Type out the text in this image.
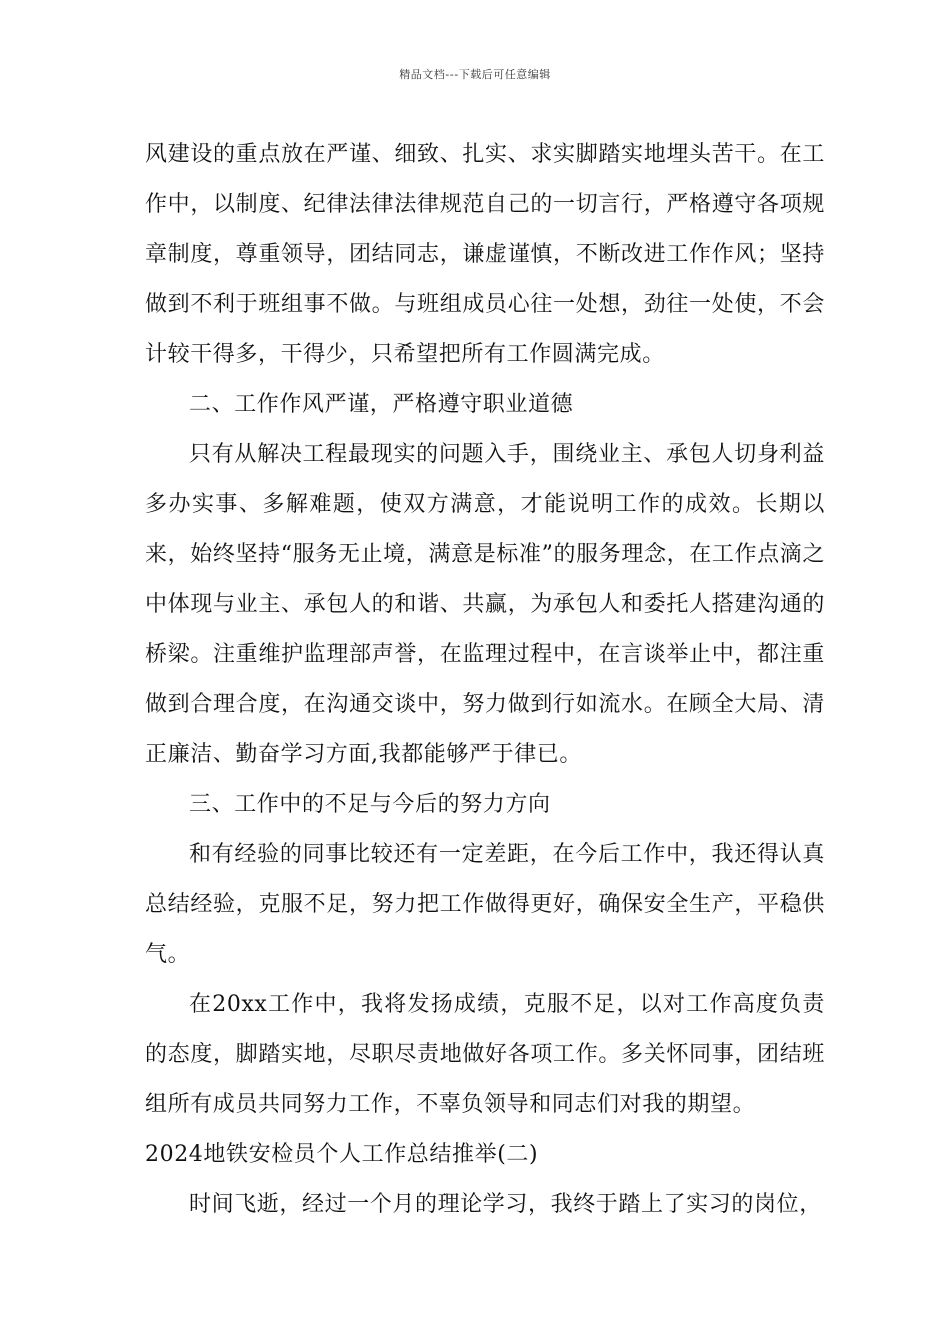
精品文档---下载后可任意编辑

风建设的重点放在严谨、细致、扎实、求实脚踏实地埋头苦干。在工作中，以制度、纪律法律法律规范自己的一切言行，严格遵守各项规章制度，尊重领导，团结同志，谦虚谨慎，不断改进工作作风；坚持做到不利于班组事不做。与班组成员心往一处想，劲往一处使，不会计较干得多，干得少，只希望把所有工作圆满完成。

二、工作作风严谨，严格遵守职业道德

只有从解决工程最现实的问题入手，围绕业主、承包人切身利益多办实事、多解难题，使双方满意，才能说明工作的成效。长期以来，始终坚持“服务无止境，满意是标准”的服务理念，在工作点滴之中体现与业主、承包人的和谐、共赢，为承包人和委托人搭建沟通的桥梁。注重维护监理部声誉，在监理过程中，在言谈举止中，都注重做到合理合度，在沟通交谈中，努力做到行如流水。在顾全大局、清正廉洁、勤奋学习方面,我都能够严于律已。

三、工作中的不足与今后的努力方向

和有经验的同事比较还有一定差距，在今后工作中，我还得认真总结经验，克服不足，努力把工作做得更好，确保安全生产，平稳供气。

在20xx工作中，我将发扬成绩，克服不足，以对工作高度负责的态度，脚踏实地，尽职尽责地做好各项工作。多关怀同事，团结班组所有成员共同努力工作，不辜负领导和同志们对我的期望。

2024地铁安检员个人工作总结推举(二)

时间飞逝，经过一个月的理论学习，我终于踏上了实习的岗位，
